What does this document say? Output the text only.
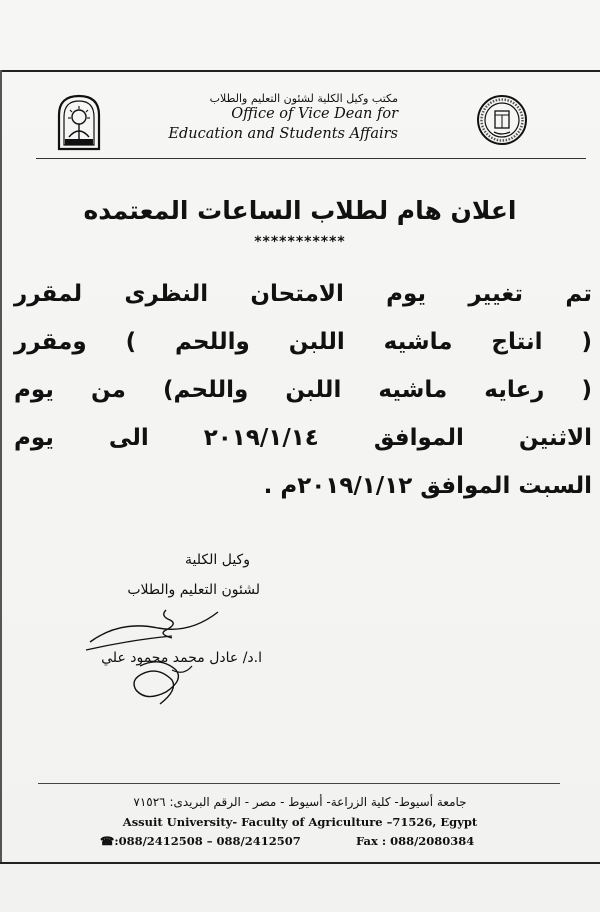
مكتب وكيل الكلية لشئون التعليم والطلاب
Office of Vice Dean for
Education and Students Affairs
اعلان هام لطلاب الساعات المعتمده
***********
تم تغيير يوم الامتحان النظرى لمقرر
( انتاج ماشيه اللبن واللحم ) ومقرر
( رعايه ماشيه اللبن واللحم) من يوم
الاثنين الموافق ٢٠١٩/١/١٤ الى يوم
السبت الموافق ٢٠١٩/١/١٢م .
وكيل الكلية
لشئون التعليم والطلاب
ا.د/ عادل محمد محمود علي
جامعة أسيوط- كلية الزراعة- أسيوط - مصر - الرقم البريدى: ٧١٥٢٦
Assuit University- Faculty of Agriculture –71526, Egypt
☎:088/2412508 – 088/2412507	Fax : 088/2080384
